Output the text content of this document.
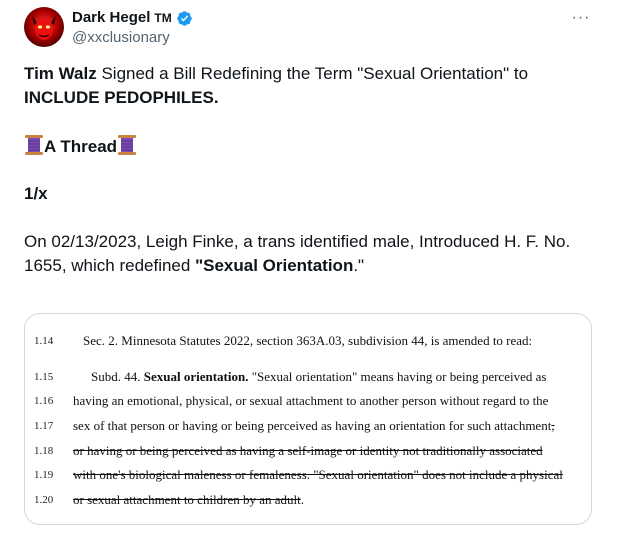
Dark Hegel TM
@xxclusionary
···
Tim Walz Signed a Bill Redefining the Term "Sexual Orientation" to
INCLUDE PEDOPHILES.
A Thread
1/x
On 02/13/2023, Leigh Finke, a trans identified male, Introduced H. F. No.
1655, which redefined "Sexual Orientation."
1.14	Sec. 2. Minnesota Statutes 2022, section 363A.03, subdivision 44, is amended to read:
1.15	Subd. 44. Sexual orientation. "Sexual orientation" means having or being perceived as
1.16	having an emotional, physical, or sexual attachment to another person without regard to the
1.17	sex of that person or having or being perceived as having an orientation for such attachment,
1.18	or having or being perceived as having a self-image or identity not traditionally associated
1.19	with one's biological maleness or femaleness. "Sexual orientation" does not include a physical
1.20	or sexual attachment to children by an adult.
